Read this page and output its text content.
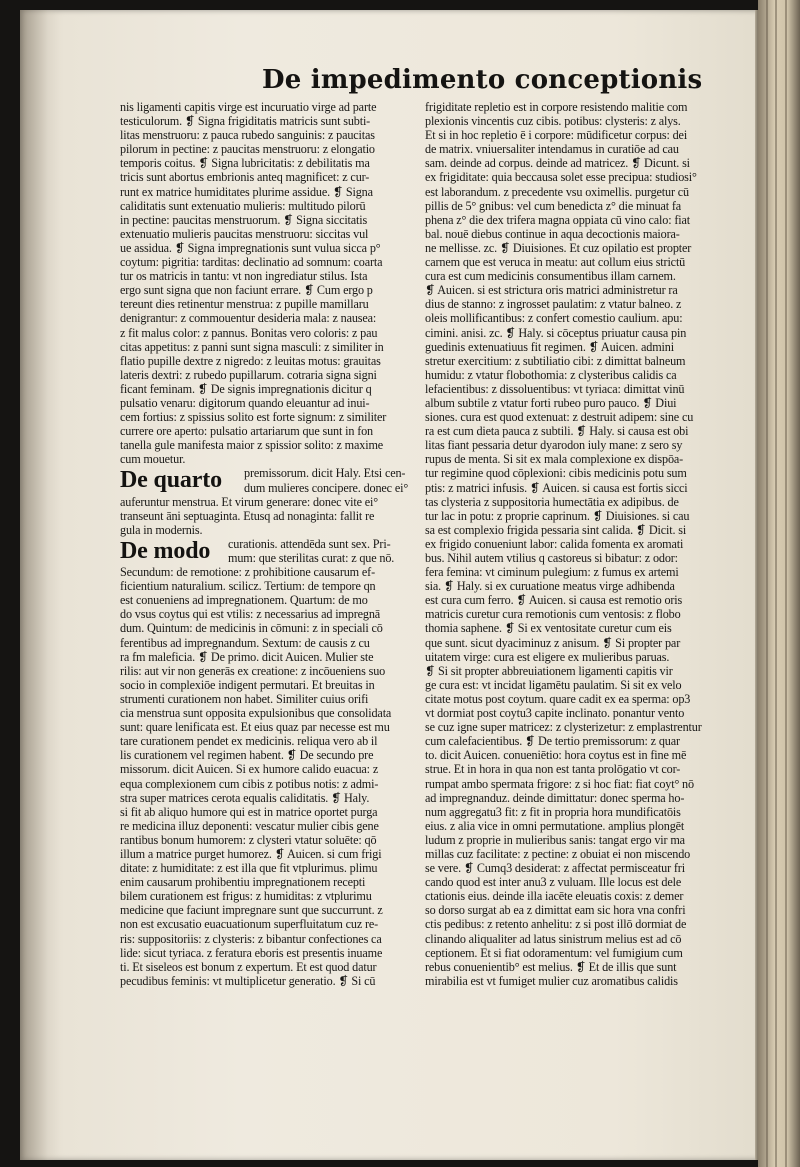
De impedimento conceptionis
nis ligamenti capitis virge est incuruatio virge ad parte
testiculorum. ❡ Signa frigiditatis matricis sunt subti-
litas menstruoru: z pauca rubedo sanguinis: z paucitas
pilorum in pectine: z paucitas menstruoru: z elongatio
temporis coitus. ❡ Signa lubricitatis: z debilitatis ma
tricis sunt abortus embrionis anteq magnificet: z cur-
runt ex matrice humiditates plurime assidue. ❡ Signa
caliditatis sunt extenuatio mulieris: multitudo pilorū
in pectine: paucitas menstruorum. ❡ Signa siccitatis
extenuatio mulieris paucitas menstruoru: siccitas vul
ue assidua. ❡ Signa impregnationis sunt vulua sicca p°
coytum: pigritia: tarditas: declinatio ad somnum: coarta
tur os matricis in tantu: vt non ingrediatur stilus. Ista
ergo sunt signa que non faciunt errare. ❡ Cum ergo p
tereunt dies retinentur menstrua: z pupille mamillaru
denigrantur: z commouentur desideria mala: z nausea:
z fit malus color: z pannus. Bonitas vero coloris: z pau
citas appetitus: z panni sunt signa masculi: z similiter in
flatio pupille dextre z nigredo: z leuitas motus: grauitas
lateris dextri: z rubedo pupillarum. cotraria signa signi
ficant feminam. ❡ De signis impregnationis dicitur q
pulsatio venaru: digitorum quando eleuantur ad inui-
cem fortius: z spissius solito est forte signum: z similiter
currere ore aperto: pulsatio artariarum que sunt in fon
tanella gule manifesta maior z spissior solito: z maxime
cum mouetur.
De quarto premissorum. dicit Haly. Etsi cen-
dum mulieres concipere. donec ei°
auferuntur menstrua. Et virum generare: donec vite ei°
transeunt āni septuaginta. Etusq ad nonaginta: fallit re
gula in modernis.
De modo curationis. attendēda sunt sex. Pri-
mum: que sterilitas curat: z que nō.
Secundum: de remotione: z prohibitione causarum ef-
ficientium naturalium. scilicz. Tertium: de tempore qn
est conueniens ad impregnationem. Quartum: de mo
do vsus coytus qui est vtilis: z necessarius ad impregnā
dum. Quintum: de medicinis in cōmuni: z in speciali cō
ferentibus ad impregnandum. Sextum: de causis z cu
ra fm maleficia. ❡ De primo. dicit Auicen. Mulier ste
rilis: aut vir non generās ex creatione: z incōueniens suo
socio in complexiōe indigent permutari. Et breuitas in
strumenti curationem non habet. Similiter cuius orifi
cia menstrua sunt opposita expulsionibus que consolidata
sunt: quare lenificata est. Et eius quaz par necesse est mu
tare curationem pendet ex medicinis. reliqua vero ab il
lis curationem vel regimen habent. ❡ De secundo pre
missorum. dicit Auicen. Si ex humore calido euacua: z
equa complexionem cum cibis z potibus notis: z admi-
stra super matrices cerota equalis caliditatis. ❡ Haly.
si fit ab aliquo humore qui est in matrice oportet purga
re medicina illuz deponenti: vescatur mulier cibis gene
rantibus bonum humorem: z clysteri vtatur soluēte: qō
illum a matrice purget humorez. ❡ Auicen. si cum frigi
ditate: z humiditate: z est illa que fit vtplurimus. plimu
enim causarum prohibentiu impregnationem recepti
bilem curationem est frigus: z humiditas: z vtplurimu
medicine que faciunt impregnare sunt que succurrunt. z
non est excusatio euacuationum superfluitatum cuz re-
ris: suppositoriis: z clysteris: z bibantur confectiones ca
lide: sicut tyriaca. z feratura eboris est presentis inuame
ti. Et siseleos est bonum z expertum. Et est quod datur
pecudibus feminis: vt multiplicetur generatio. ❡ Si cū
frigiditate repletio est in corpore resistendo malitie com
plexionis vincentis cuz cibis. potibus: clysteris: z alys.
Et si in hoc repletio ē i corpore: mūdificetur corpus: dei
de matrix. vniuersaliter intendamus in curatiōe ad cau
sam. deinde ad corpus. deinde ad matricez. ❡ Dicunt. si
ex frigiditate: quia beccausa solet esse precipua: studiosi°
est laborandum. z precedente vsu oximellis. purgetur cū
pillis de 5° gnibus: vel cum benedicta z° die minuat fa
phena z° die dex trifera magna oppiata cū vino calo: fiat
bal. nouē diebus continue in aqua decoctionis maiora-
ne mellisse. zc. ❡ Diuisiones. Et cuz opilatio est propter
carnem que est veruca in meatu: aut collum eius strictū
cura est cum medicinis consumentibus illam carnem.
❡ Auicen. si est strictura oris matrici administretur ra
dius de stanno: z ingrosset paulatim: z vtatur balneo. z
oleis mollificantibus: z confert comestio caulium. apu:
cimini. anisi. zc. ❡ Haly. si cōceptus priuatur causa pin
guedinis extenuatiuus fit regimen. ❡ Auicen. admini
stretur exercitium: z subtiliatio cibi: z dimittat balneum
humidu: z vtatur flobothomia: z clysteribus calidis ca
lefacientibus: z dissoluentibus: vt tyriaca: dimittat vinū
album subtile z vtatur forti rubeo puro pauco. ❡ Diui
siones. cura est quod extenuat: z destruit adipem: sine cu
ra est cum dieta pauca z subtili. ❡ Haly. si causa est obi
litas fiant pessaria detur dyarodon iuly mane: z sero sy
rupus de menta. Si sit ex mala complexione ex dispōa-
tur regimine quod cōplexioni: cibis medicinis potu sum
ptis: z matrici infusis. ❡ Auicen. si causa est fortis sicci
tas clysteria z suppositoria humectātia ex adipibus. de
tur lac in potu: z proprie caprinum. ❡ Diuisiones. si cau
sa est complexio frigida pessaria sint calida. ❡ Dicit. si
ex frigido conueniunt labor: calida fomenta ex aromati
bus. Nihil autem vtilius q castoreus si bibatur: z odor:
fera femina: vt ciminum pulegium: z fumus ex artemi
sia. ❡ Haly. si ex curuatione meatus virge adhibenda
est cura cum ferro. ❡ Auicen. si causa est remotio oris
matricis curetur cura remotionis cum ventosis: z flobo
thomia saphene. ❡ Si ex ventositate curetur cum eis
que sunt. sicut dyaciminuz z anisum. ❡ Si propter par
uitatem virge: cura est eligere ex mulieribus paruas.
❡ Si sit propter abbreuiationem ligamenti capitis vir
ge cura est: vt incidat ligamētu paulatim. Si sit ex velo
citate motus post coytum. quare cadit ex ea sperma: op3
vt dormiat post coytu3 capite inclinato. ponantur vento
se cuz igne super matricez: z clysterizetur: z emplastrentur
cum calefacientibus. ❡ De tertio premissorum: z quar
to. dicit Auicen. conueniētio: hora coytus est in fine mē
strue. Et in hora in qua non est tanta prolōgatio vt cor-
rumpat ambo spermata frigore: z si hoc fiat: fiat coyt° nō
ad impregnanduz. deinde dimittatur: donec sperma ho-
num aggregatu3 fit: z fit in propria hora mundificatōis
eius. z alia vice in omni permutatione. amplius plongēt
ludum z proprie in mulieribus sanis: tangat ergo vir ma
millas cuz facilitate: z pectine: z obuiat ei non miscendo
se vere. ❡ Cumq3 desiderat: z affectat permisceatur fri
cando quod est inter anu3 z vuluam. Ille locus est dele
ctationis eius. deinde illa iacēte eleuatis coxis: z demer
so dorso surgat ab ea z dimittat eam sic hora vna confri
ctis pedibus: z retento anhelitu: z si post illō dormiat de
clinando aliqualiter ad latus sinistrum melius est ad cō
ceptionem. Et si fiat odoramentum: vel fumigium cum
rebus conuenientib° est melius. ❡ Et de illis que sunt
mirabilia est vt fumiget mulier cuz aromatibus calidis
